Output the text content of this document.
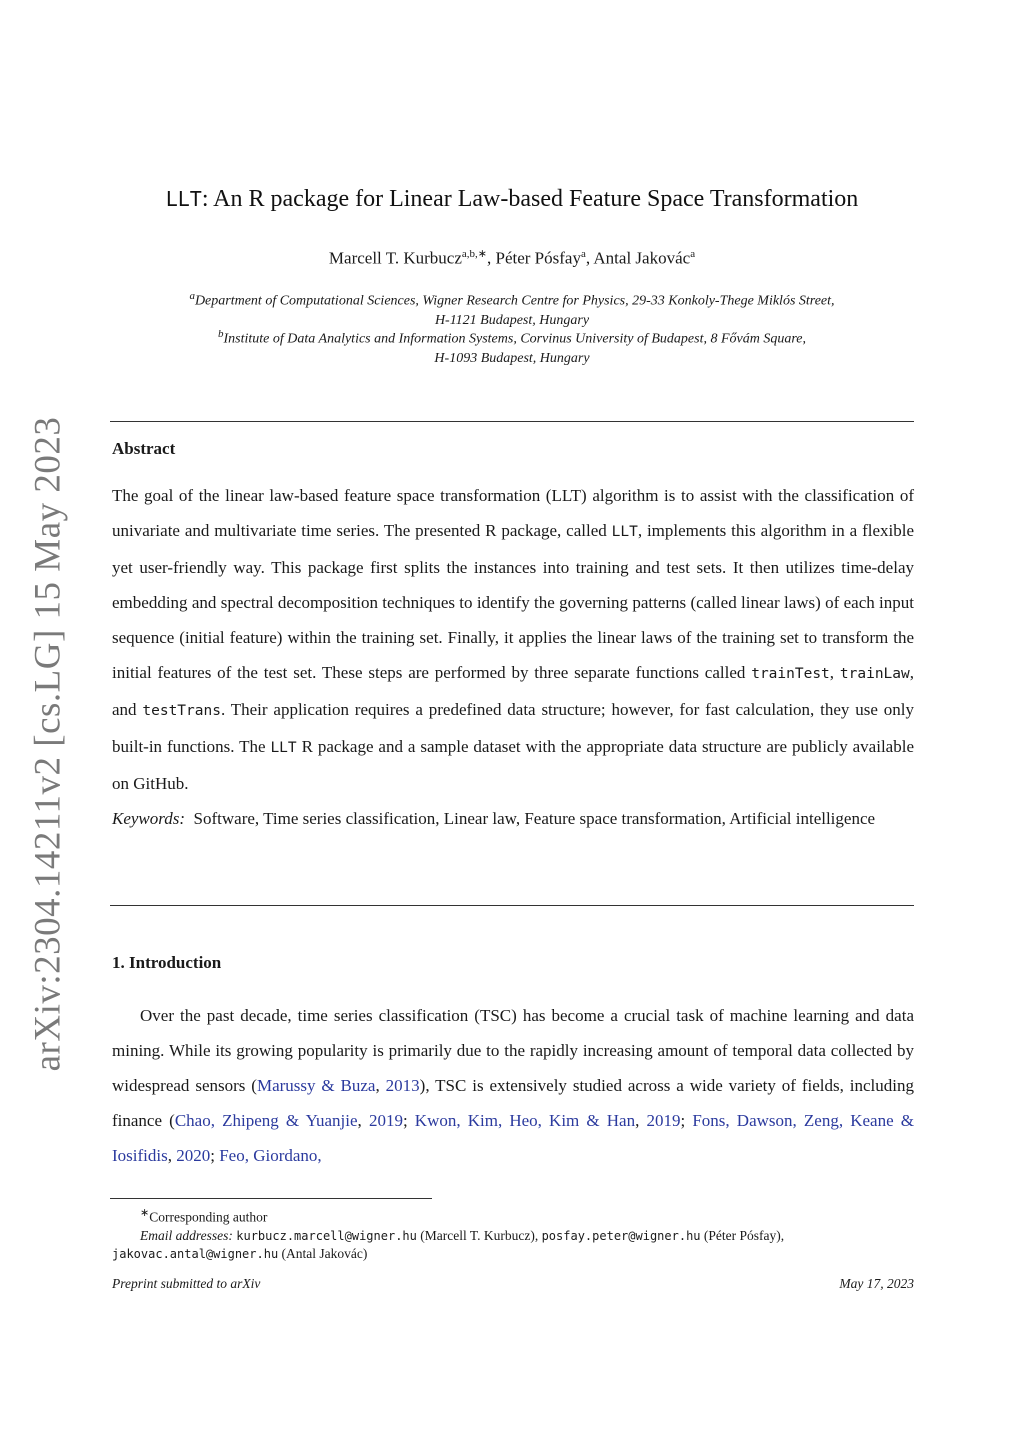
arXiv:2304.14211v2 [cs.LG] 15 May 2023
LLT: An R package for Linear Law-based Feature Space Transformation
Marcell T. Kurbucz$^{a,b,∗}$, Péter Pósfay$^a$, Antal Jakovác$^a$
$^a$Department of Computational Sciences, Wigner Research Centre for Physics, 29-33 Konkoly-Thege Miklós Street,
H-1121 Budapest, Hungary
$^b$Institute of Data Analytics and Information Systems, Corvinus University of Budapest, 8 Fővám Square,
H-1093 Budapest, Hungary
Abstract
The goal of the linear law-based feature space transformation (LLT) algorithm is to assist with the classification of univariate and multivariate time series. The presented R package, called LLT, implements this algorithm in a flexible yet user-friendly way. This package first splits the instances into training and test sets. It then utilizes time-delay embedding and spectral decomposition techniques to identify the governing patterns (called linear laws) of each input sequence (initial feature) within the training set. Finally, it applies the linear laws of the training set to transform the initial features of the test set. These steps are performed by three separate functions called trainTest, trainLaw, and testTrans. Their application requires a predefined data structure; however, for fast calculation, they use only built-in functions. The LLT R package and a sample dataset with the appropriate data structure are publicly available on GitHub.
Keywords: Software, Time series classification, Linear law, Feature space transformation, Artificial intelligence
1. Introduction
Over the past decade, time series classification (TSC) has become a crucial task of machine learning and data mining. While its growing popularity is primarily due to the rapidly increasing amount of temporal data collected by widespread sensors (Marussy & Buza, 2013), TSC is extensively studied across a wide variety of fields, including finance (Chao, Zhipeng & Yuanjie, 2019; Kwon, Kim, Heo, Kim & Han, 2019; Fons, Dawson, Zeng, Keane & Iosifidis, 2020; Feo, Giordano,
∗Corresponding author
Email addresses: kurbucz.marcell@wigner.hu (Marcell T. Kurbucz), posfay.peter@wigner.hu (Péter Pósfay), jakovac.antal@wigner.hu (Antal Jakovác)
Preprint submitted to arXiv	May 17, 2023
